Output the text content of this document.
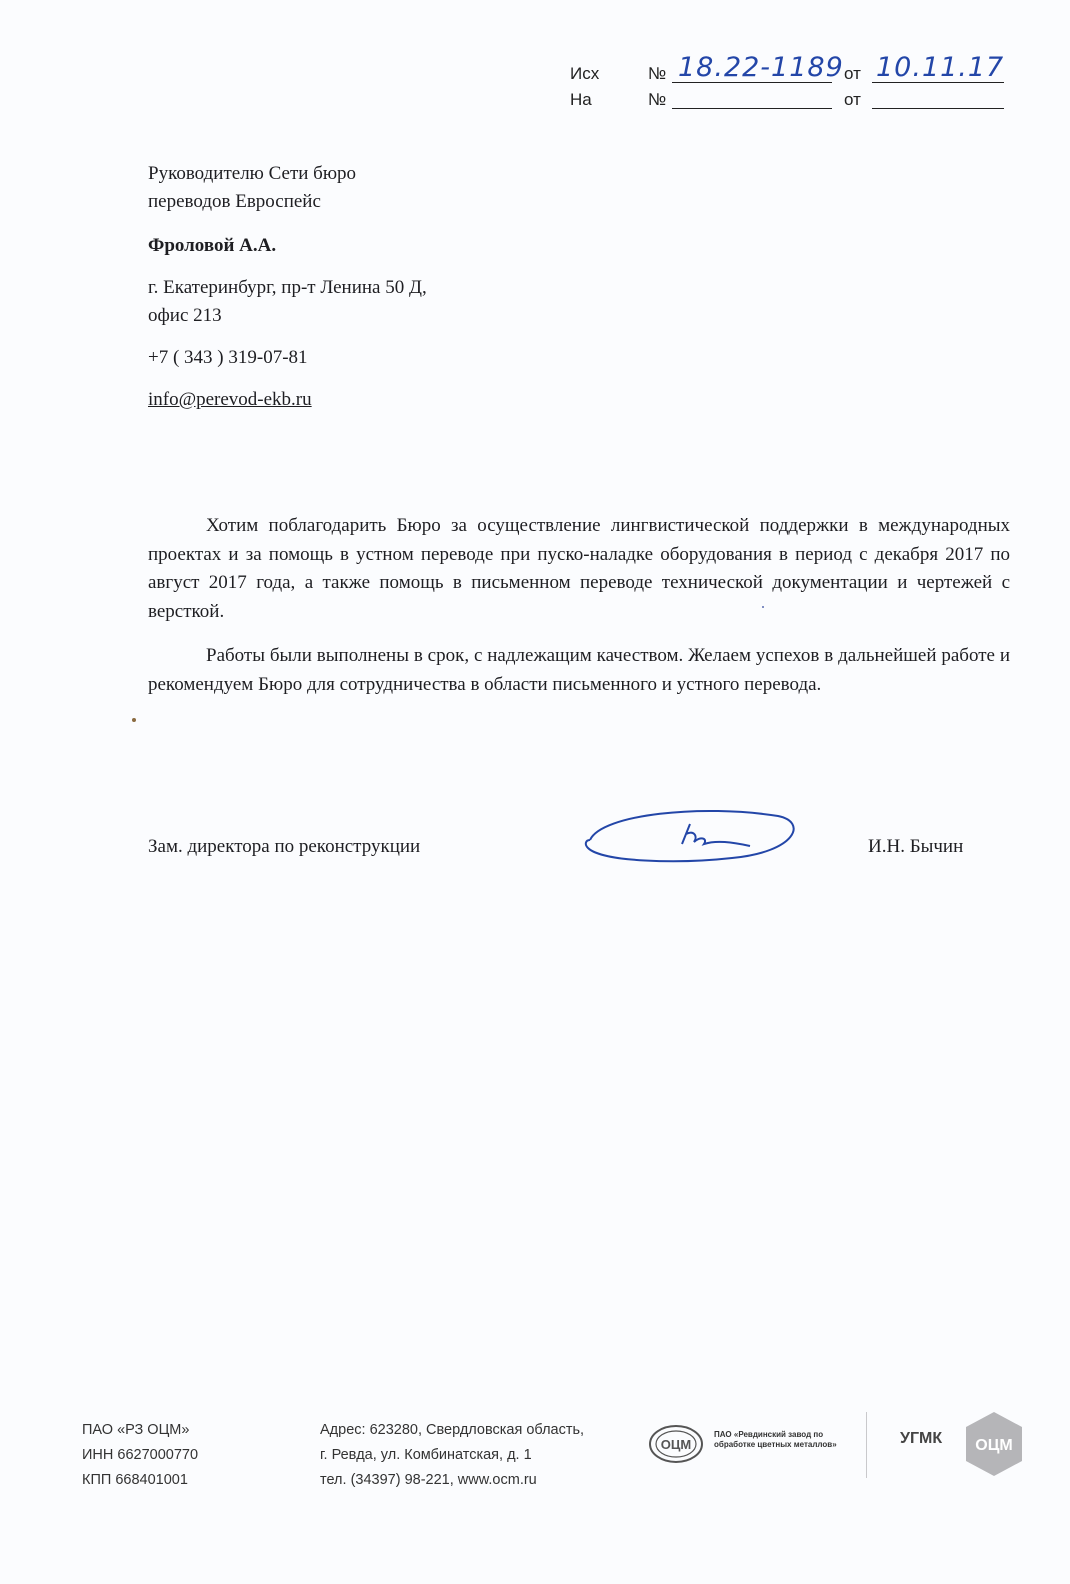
Исх	№ 18.22-1189 от 10.11.17
На	№	от

Руководителю Сети бюро

переводов Евроспейс

Фроловой А.А.

г. Екатеринбург, пр-т Ленина 50 Д,

офис 213

+7 ( 343 ) 319-07-81

info@perevod-ekb.ru

Хотим поблагодарить Бюро за осуществление лингвистической поддержки в международных проектах и за помощь в устном переводе при пуско-наладке оборудования в период с декабря 2017 по август 2017 года, а также помощь в письменном переводе технической документации и чертежей с версткой.

Работы были выполнены в срок, с надлежащим качеством. Желаем успехов в дальнейшей работе и рекомендуем Бюро для сотрудничества в области письменного и устного перевода.

Зам. директора по реконструкции	И.Н. Бычин

ПАО «РЗ ОЦМ»

ИНН 6627000770

КПП 668401001

Адрес: 623280, Свердловская область,

г. Ревда, ул. Комбинатская, д. 1

тел. (34397) 98-221, www.ocm.ru

ОЦМ
ПАО «Ревдинский завод по обработке цветных металлов»	УГМК ОЦМ
